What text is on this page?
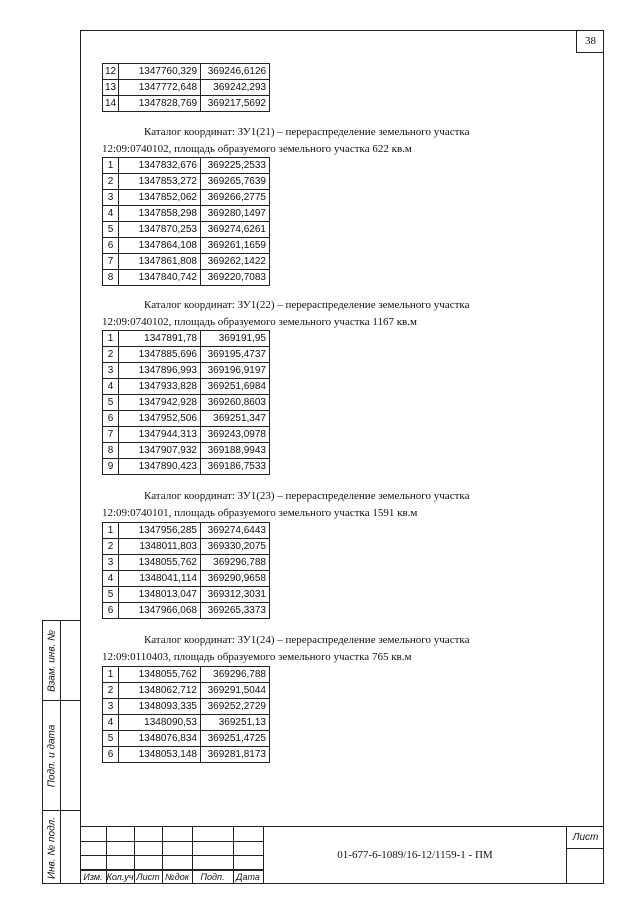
38
12	1347760,329	369246,6126
13	1347772,648	369242,293
14	1347828,769	369217,5692
Каталог координат: ЗУ1(21) – перераспределение земельного участка
12:09:0740102, площадь образуемого земельного участка 622 кв.м
1	1347832,676	369225,2533
2	1347853,272	369265,7639
3	1347852,062	369266,2775
4	1347858,298	369280,1497
5	1347870,253	369274,6261
6	1347864,108	369261,1659
7	1347861,808	369262,1422
8	1347840,742	369220,7083
Каталог координат: ЗУ1(22) – перераспределение земельного участка
12:09:0740102, площадь образуемого земельного участка 1167 кв.м
1	1347891,78	369191,95
2	1347885,696	369195,4737
3	1347896,993	369196,9197
4	1347933,828	369251,6984
5	1347942,928	369260,8603
6	1347952,506	369251,347
7	1347944,313	369243,0978
8	1347907,932	369188,9943
9	1347890,423	369186,7533
Каталог координат: ЗУ1(23) – перераспределение земельного участка
12:09:0740101, площадь образуемого земельного участка 1591 кв.м
1	1347956,285	369274,6443
2	1348011,803	369330,2075
3	1348055,762	369296,788
4	1348041,114	369290,9658
5	1348013,047	369312,3031
6	1347966,068	369265,3373
Каталог координат: ЗУ1(24) – перераспределение земельного участка
12:09:0110403, площадь образуемого земельного участка 765 кв.м
1	1348055,762	369296,788
2	1348062,712	369291,5044
3	1348093,335	369252,2729
4	1348090,53	369251,13
5	1348076,834	369251,4725
6	1348053,148	369281,8173
Взам. инв. №
Подп. и дата
Инв. № подл.	Изм. Кол.уч Лист №док	Подп.	Дата
01-677-6-1089/16-12/1159-1 - ПМ
Лист
